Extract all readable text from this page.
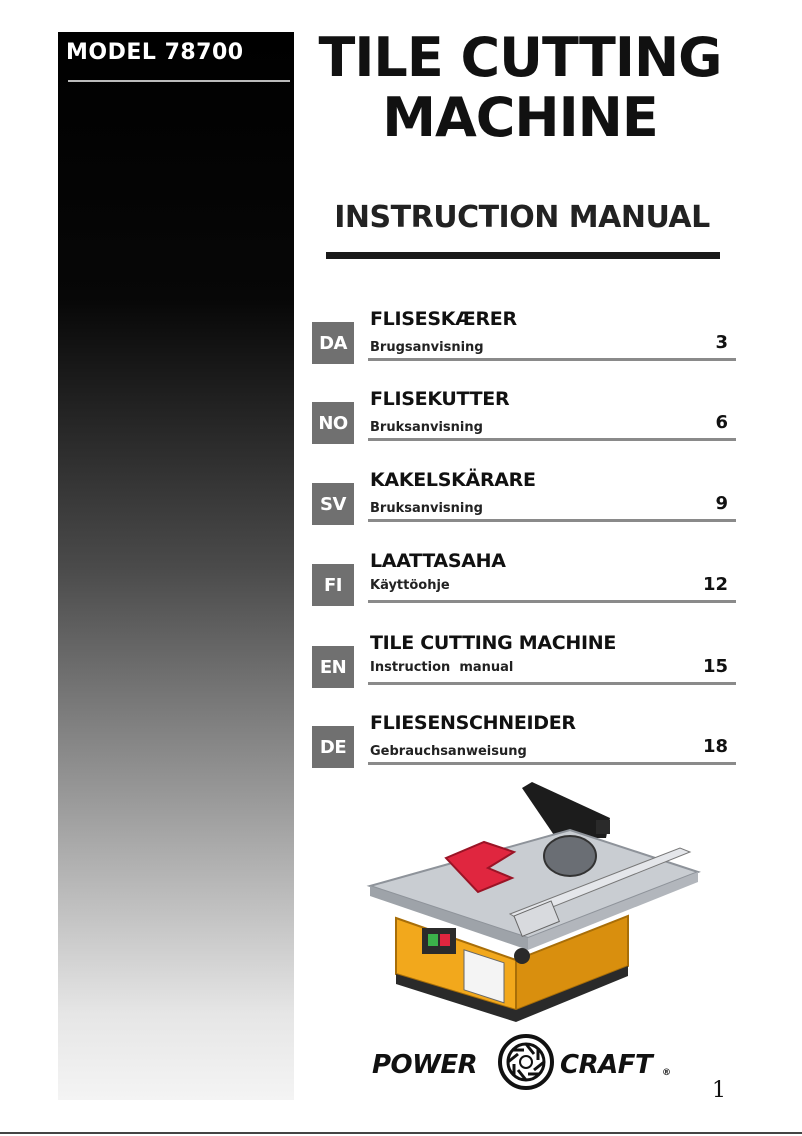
MODEL 78700	TILE CUTTING
MACHINE
INSTRUCTION MANUAL
DA
FLISESKÆRER
Brugsanvisning	3
NO
FLISEKUTTER
Bruksanvisning	6
SV
KAKELSKÄRARE
Bruksanvisning	9
FI
LAATTASAHA
Käyttöohje	12
EN
TILE CUTTING MACHINE
Instruction  manual	15
DE
FLIESENSCHNEIDER
Gebrauchsanweisung	18
POWER	CRAFT ®
1
